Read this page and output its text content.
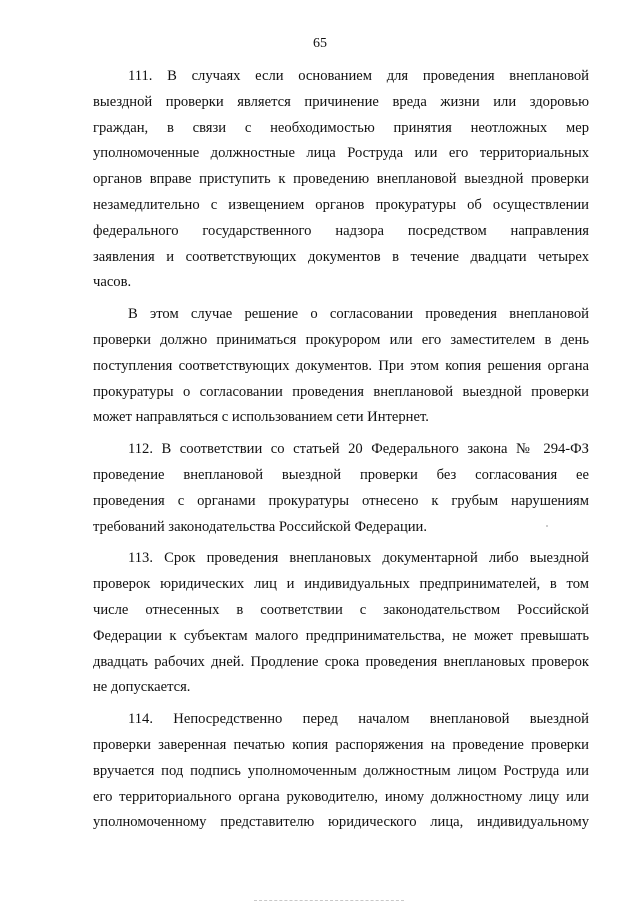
65

111. В случаях если основанием для проведения внеплановой

выездной проверки является причинение вреда жизни или здоровью

граждан, в связи с необходимостью принятия неотложных мер

уполномоченные должностные лица Роструда или его территориальных

органов вправе приступить к проведению внеплановой выездной проверки

незамедлительно с извещением органов прокуратуры об осуществлении

федерального государственного надзора посредством направления

заявления и соответствующих документов в течение двадцати четырех

часов.

В этом случае решение о согласовании проведения внеплановой

проверки должно приниматься прокурором или его заместителем в день

поступления соответствующих документов. При этом копия решения органа

прокуратуры о согласовании проведения внеплановой выездной проверки

может направляться с использованием сети Интернет.

112. В соответствии со статьей 20 Федерального закона № 294-ФЗ

проведение внеплановой выездной проверки без согласования ее

проведения с органами прокуратуры отнесено к грубым нарушениям

требований законодательства Российской Федерации.

113. Срок проведения внеплановых документарной либо выездной

проверок юридических лиц и индивидуальных предпринимателей, в том

числе отнесенных в соответствии с законодательством Российской

Федерации к субъектам малого предпринимательства, не может превышать

двадцать рабочих дней. Продление срока проведения внеплановых проверок

не допускается.

114. Непосредственно перед началом внеплановой выездной

проверки заверенная печатью копия распоряжения на проведение проверки

вручается под подпись уполномоченным должностным лицом Роструда или

его территориального органа руководителю, иному должностному лицу или

уполномоченному представителю юридического лица, индивидуальному
